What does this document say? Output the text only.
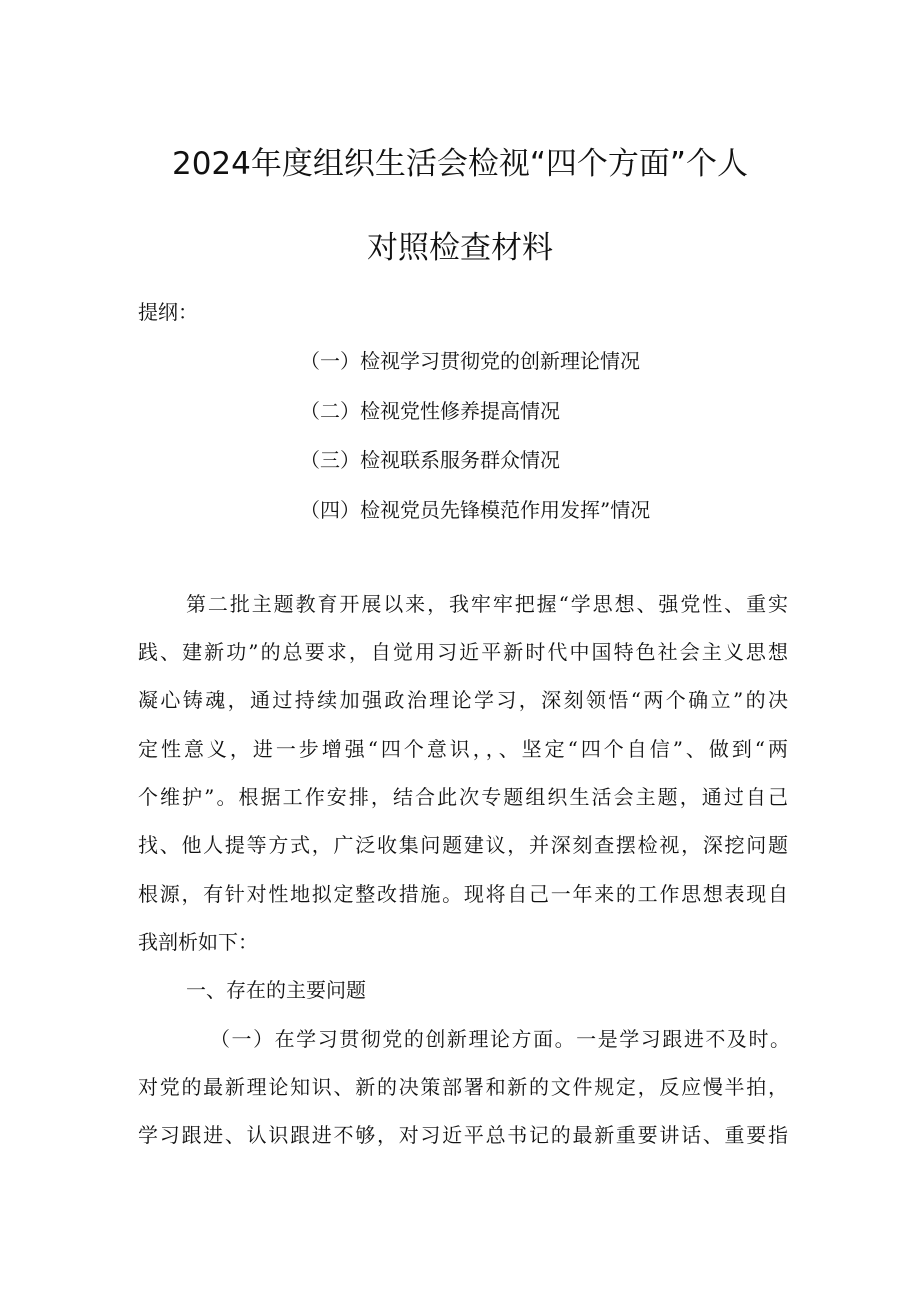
2024年度组织生活会检视“四个方面”个人
对照检查材料
提纲：
（一）检视学习贯彻党的创新理论情况
（二）检视党性修养提高情况
（三）检视联系服务群众情况
（四）检视党员先锋模范作用发挥”情况
第二批主题教育开展以来，我牢牢把握“学思想、强党性、重实
践、建新功”的总要求，自觉用习近平新时代中国特色社会主义思想
凝心铸魂，通过持续加强政治理论学习，深刻领悟“两个确立”的决
定性意义，进一步增强“四个意识，，、坚定“四个自信”、做到“两
个维护”。根据工作安排，结合此次专题组织生活会主题，通过自己
找、他人提等方式，广泛收集问题建议，并深刻查摆检视，深挖问题
根源，有针对性地拟定整改措施。现将自己一年来的工作思想表现自
我剖析如下：
一、存在的主要问题
（一）在学习贯彻党的创新理论方面。一是学习跟进不及时。
对党的最新理论知识、新的决策部署和新的文件规定，反应慢半拍，
学习跟进、认识跟进不够，对习近平总书记的最新重要讲话、重要指
